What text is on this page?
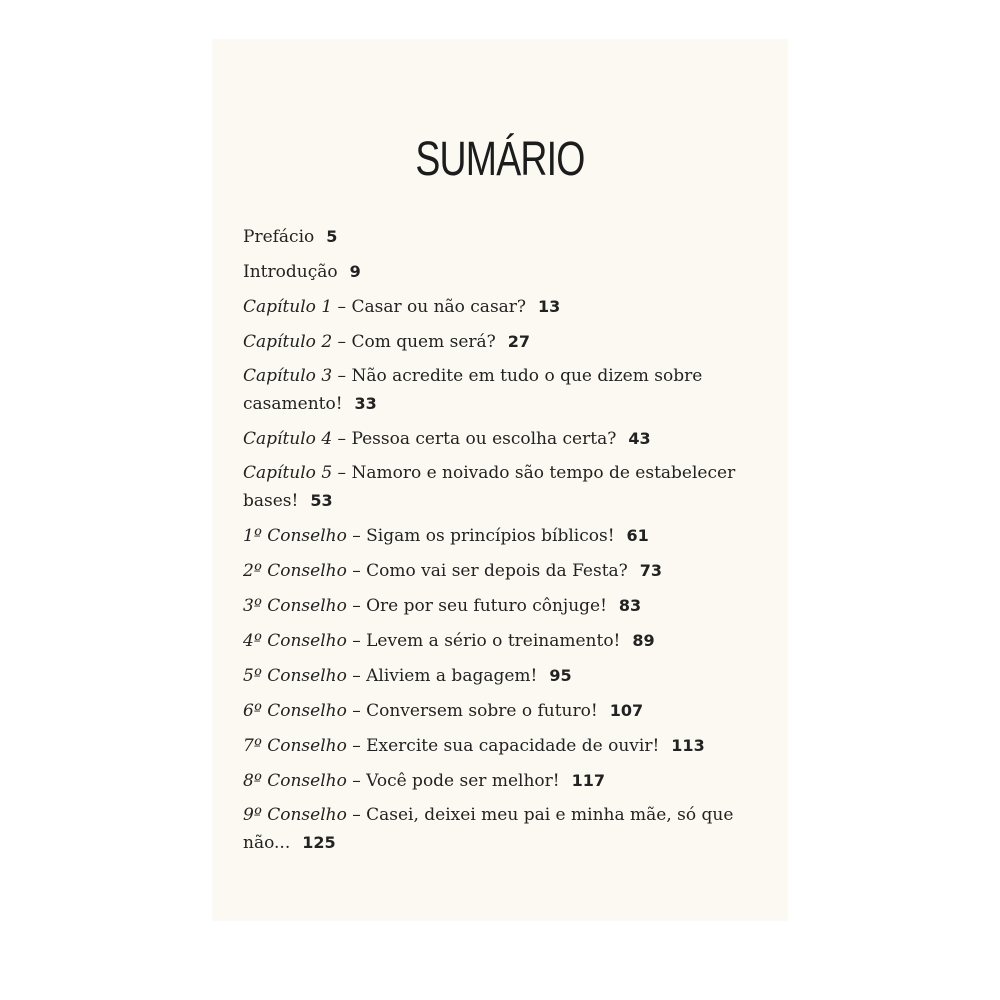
SUMÁRIO
Prefácio 5
Introdução 9
Capítulo 1 – Casar ou não casar? 13
Capítulo 2 – Com quem será? 27
Capítulo 3 – Não acredite em tudo o que dizem sobre casamento! 33
Capítulo 4 – Pessoa certa ou escolha certa? 43
Capítulo 5 – Namoro e noivado são tempo de estabelecer bases! 53
1º Conselho – Sigam os princípios bíblicos! 61
2º Conselho – Como vai ser depois da Festa? 73
3º Conselho – Ore por seu futuro cônjuge! 83
4º Conselho – Levem a sério o treinamento! 89
5º Conselho – Aliviem a bagagem! 95
6º Conselho – Conversem sobre o futuro! 107
7º Conselho – Exercite sua capacidade de ouvir! 113
8º Conselho – Você pode ser melhor! 117
9º Conselho – Casei, deixei meu pai e minha mãe, só que não... 125
